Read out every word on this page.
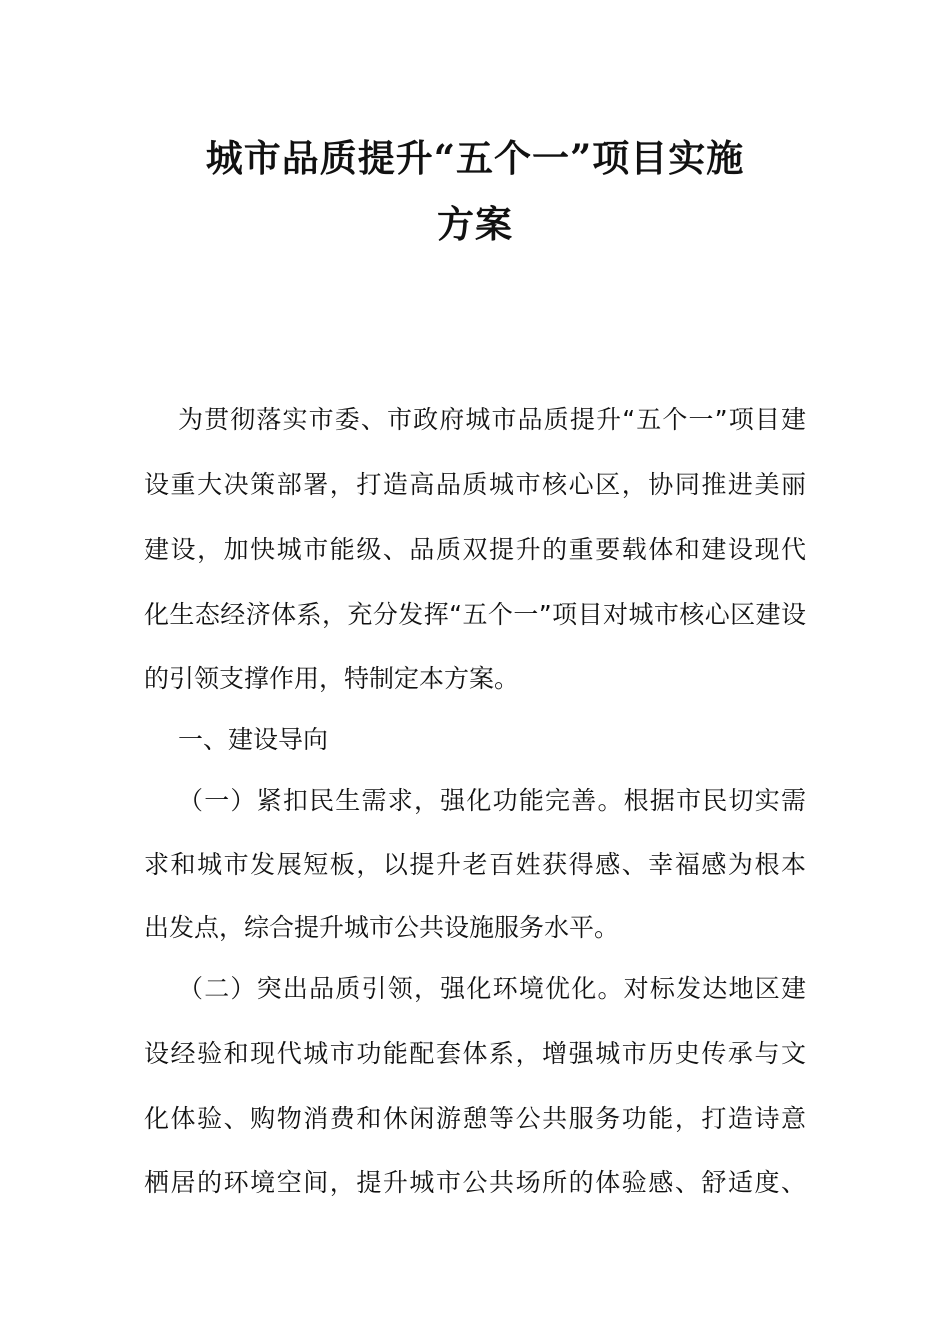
城市品质提升“五个一”项目实施
方案
为贯彻落实市委、市政府城市品质提升“五个一”项目建
设重大决策部署，打造高品质城市核心区，协同推进美丽
建设，加快城市能级、品质双提升的重要载体和建设现代
化生态经济体系，充分发挥“五个一”项目对城市核心区建设
的引领支撑作用，特制定本方案。
一、建设导向
（一）紧扣民生需求，强化功能完善。根据市民切实需
求和城市发展短板，以提升老百姓获得感、幸福感为根本
出发点，综合提升城市公共设施服务水平。
（二）突出品质引领，强化环境优化。对标发达地区建
设经验和现代城市功能配套体系，增强城市历史传承与文
化体验、购物消费和休闲游憩等公共服务功能，打造诗意
栖居的环境空间，提升城市公共场所的体验感、舒适度、
